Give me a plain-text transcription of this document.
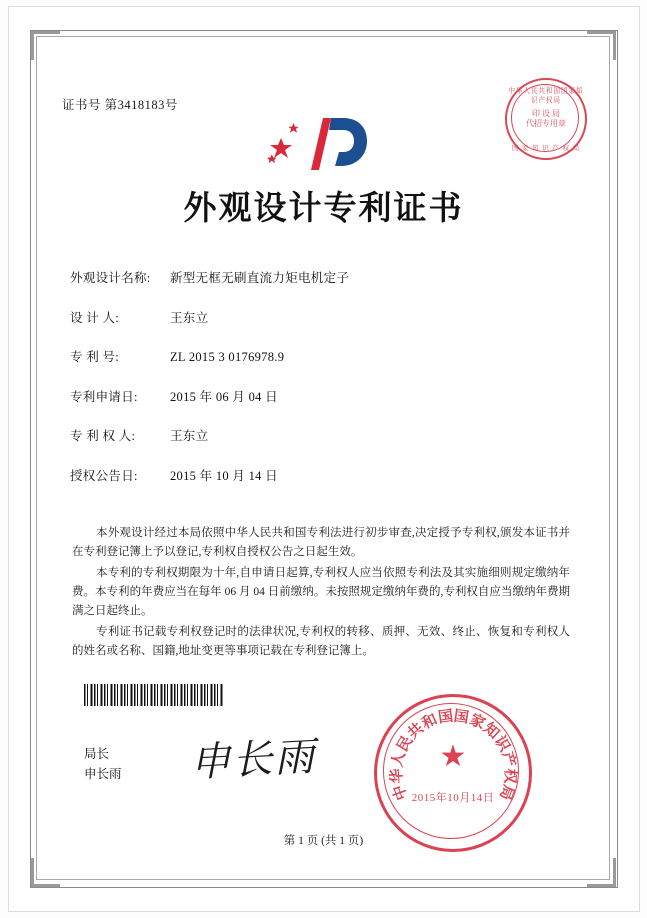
证书号 第3418183号
中华人民共和国国家知识产权局
印 设 局
代招专用章
国 家 知 识 产 权 局
外观设计专利证书
外观设计名称:	新型无框无刷直流力矩电机定子
设 计 人:	王东立
专 利 号:	ZL 2015 3 0176978.9
专利申请日:	2015 年 06 月 04 日
专 利 权 人:	王东立
授权公告日:	2015 年 10 月 14 日

本外观设计经过本局依照中华人民共和国专利法进行初步审查,决定授予专利权,颁发本证书并在专利登记簿上予以登记,专利权自授权公告之日起生效。

本专利的专利权期限为十年,自申请日起算,专利权人应当依照专利法及其实施细则规定缴纳年费。本专利的年费应当在每年 06 月 04 日前缴纳。未按照规定缴纳年费的,专利权自应当缴纳年费期满之日起终止。

专利证书记载专利权登记时的法律状况,专利权的转移、质押、无效、终止、恢复和专利权人的姓名或名称、国籍,地址变更等事项记载在专利登记簿上。

局长
申长雨 申长雨	★
2015年10月14日
中
华
人
民
共
和
国
国
家
知
识
产
权
局
第 1 页 (共 1 页)
